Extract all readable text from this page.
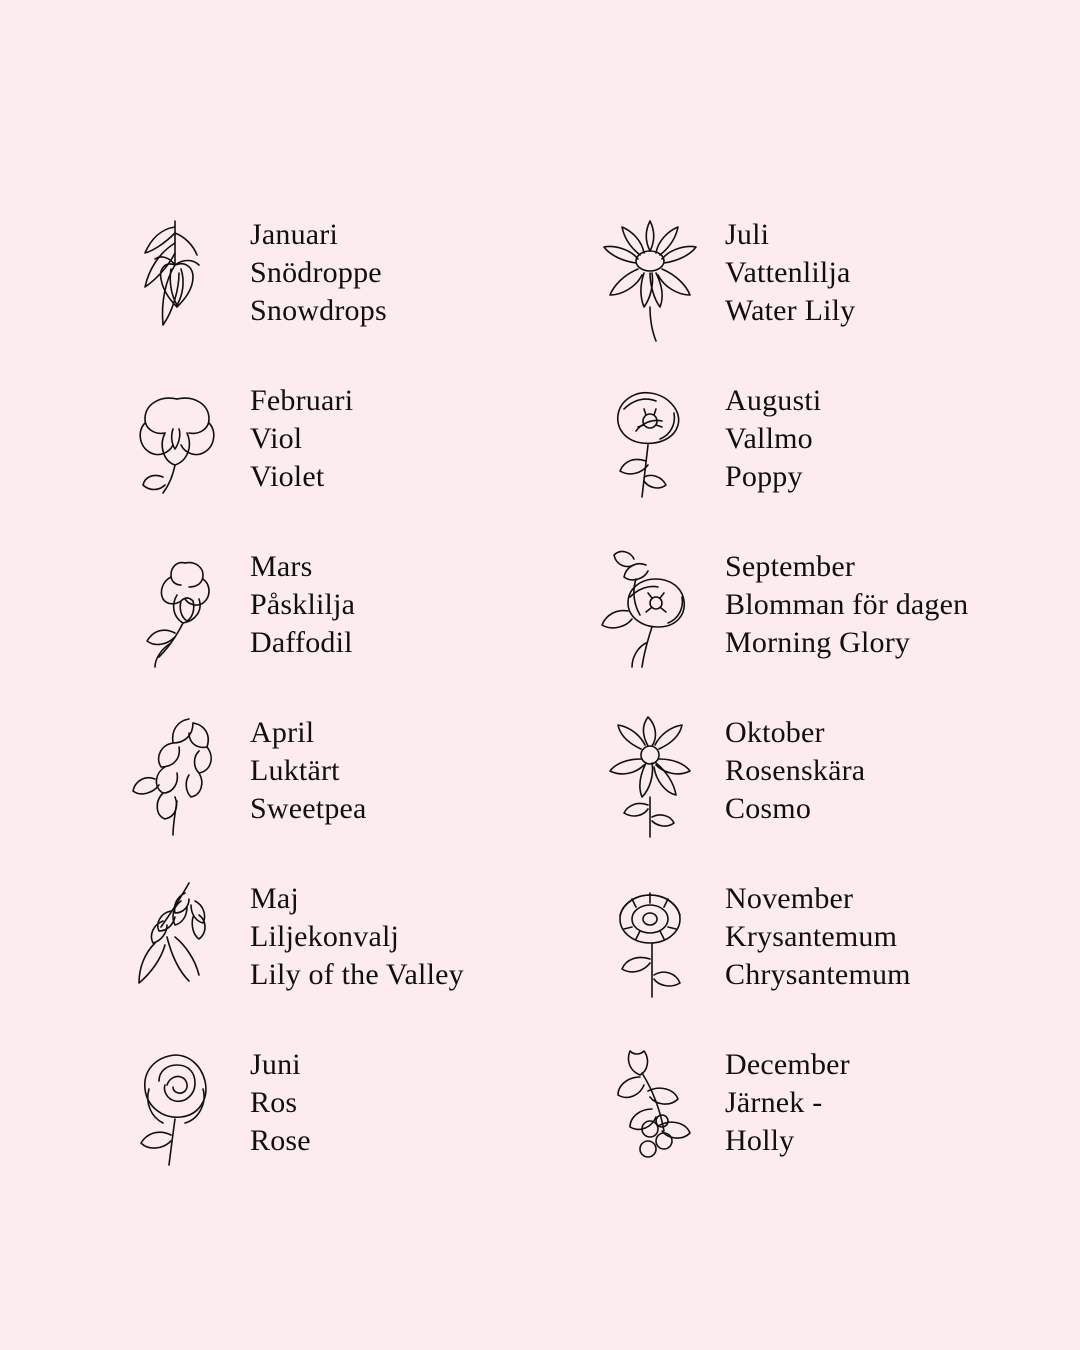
Januari
Snödroppe
Snowdrops
Februari
Viol
Violet
Mars
Påsklilja
Daffodil
April
Luktärt
Sweetpea
Maj
Liljekonvalj
Lily of the Valley
Juni
Ros
Rose
Juli
Vattenlilja
Water Lily
Augusti
Vallmo
Poppy
September
Blomman för dagen
Morning Glory
Oktober
Rosenskära
Cosmo
November
Krysantemum
Chrysantemum
December
Järnek -
Holly
